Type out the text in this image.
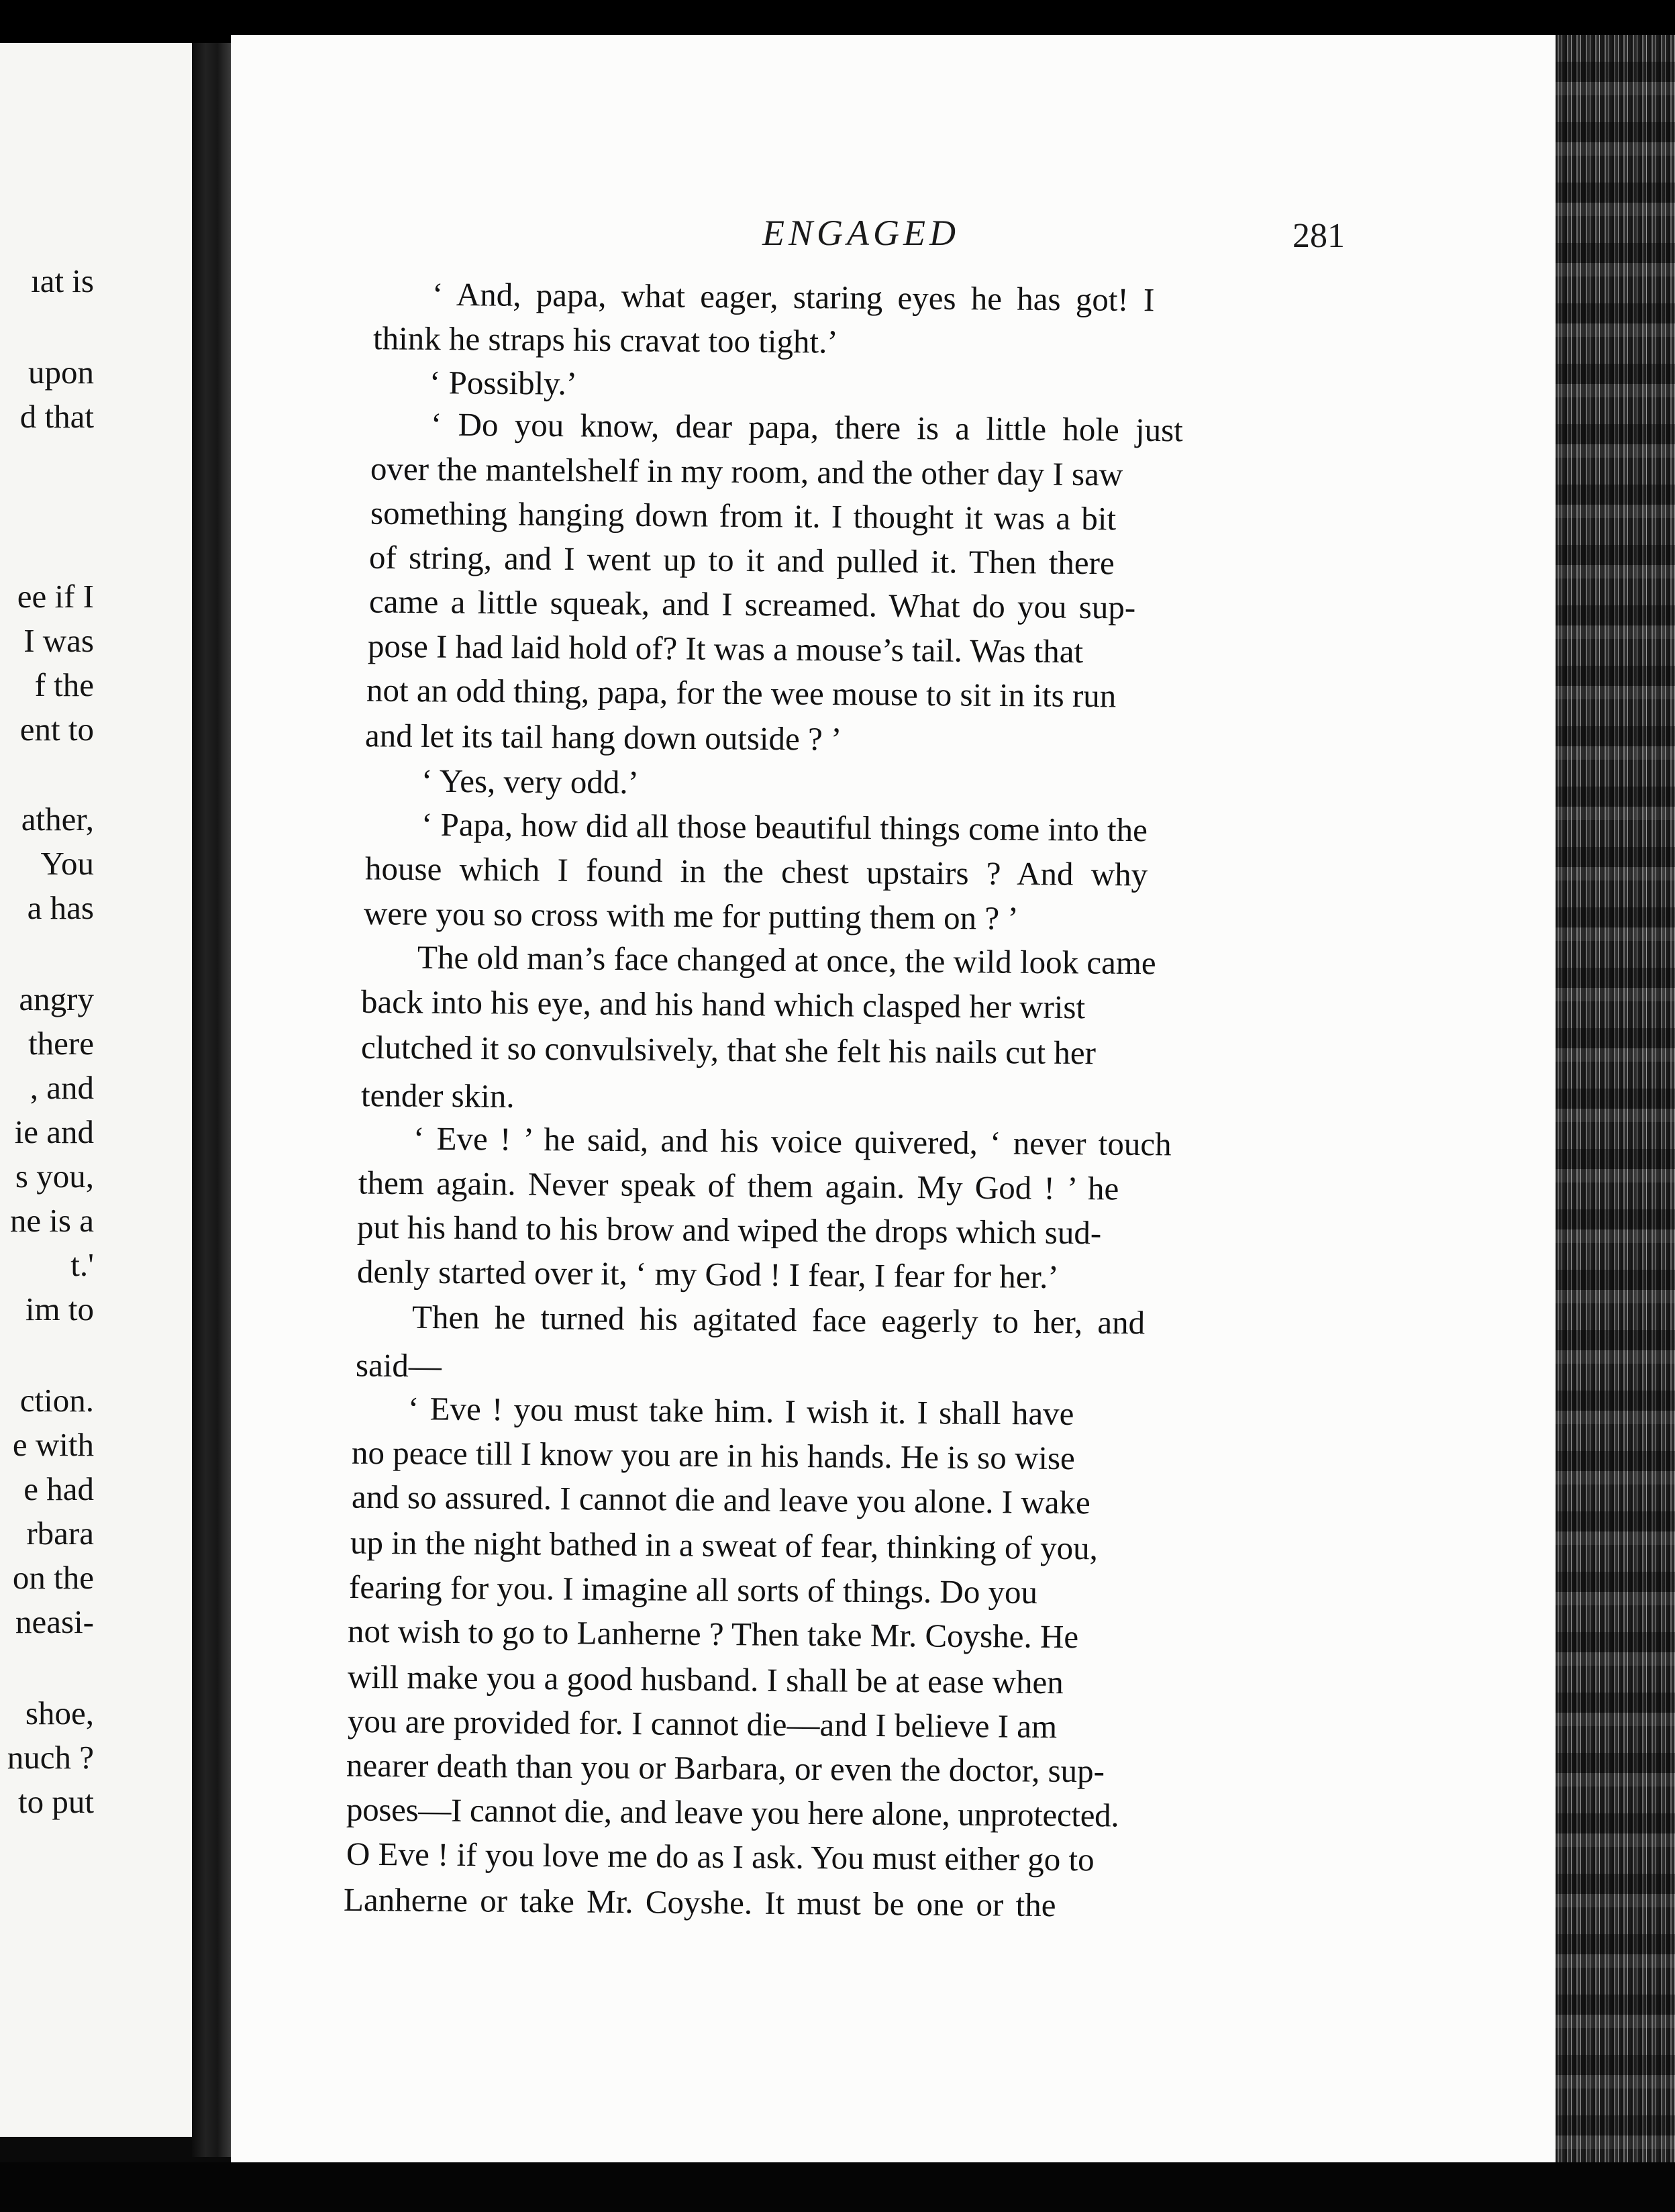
ıat is
upon
d that
ee if I
I was
f the
ent to
ather,
You
a has
angry
there
, and
ie and
s you,
ne is a
t.'
im to
ction.
e with
e had
rbara
on the
neasi-
shoe,
nuch ?
to put
ENGAGED	281
‘ And, papa, what eager, staring eyes he has got! I
think he straps his cravat too tight.’
‘ Possibly.’
‘ Do you know, dear papa, there is a little hole just
over the mantelshelf in my room, and the other day I saw
something hanging down from it. I thought it was a bit
of string, and I went up to it and pulled it. Then there
came a little squeak, and I screamed. What do you sup-
pose I had laid hold of? It was a mouse’s tail. Was that
not an odd thing, papa, for the wee mouse to sit in its run
and let its tail hang down outside ? ’
‘ Yes, very odd.’
‘ Papa, how did all those beautiful things come into the
house which I found in the chest upstairs ? And why
were you so cross with me for putting them on ? ’
The old man’s face changed at once, the wild look came
back into his eye, and his hand which clasped her wrist
clutched it so convulsively, that she felt his nails cut her
tender skin.
‘ Eve ! ’ he said, and his voice quivered, ‘ never touch
them again. Never speak of them again. My God ! ’ he
put his hand to his brow and wiped the drops which sud-
denly started over it, ‘ my God ! I fear, I fear for her.’
Then he turned his agitated face eagerly to her, and
said—
‘ Eve ! you must take him. I wish it. I shall have
no peace till I know you are in his hands. He is so wise
and so assured. I cannot die and leave you alone. I wake
up in the night bathed in a sweat of fear, thinking of you,
fearing for you. I imagine all sorts of things. Do you
not wish to go to Lanherne ? Then take Mr. Coyshe. He
will make you a good husband. I shall be at ease when
you are provided for. I cannot die—and I believe I am
nearer death than you or Barbara, or even the doctor, sup-
poses—I cannot die, and leave you here alone, unprotected.
O Eve ! if you love me do as I ask. You must either go to
Lanherne or take Mr. Coyshe. It must be one or the
